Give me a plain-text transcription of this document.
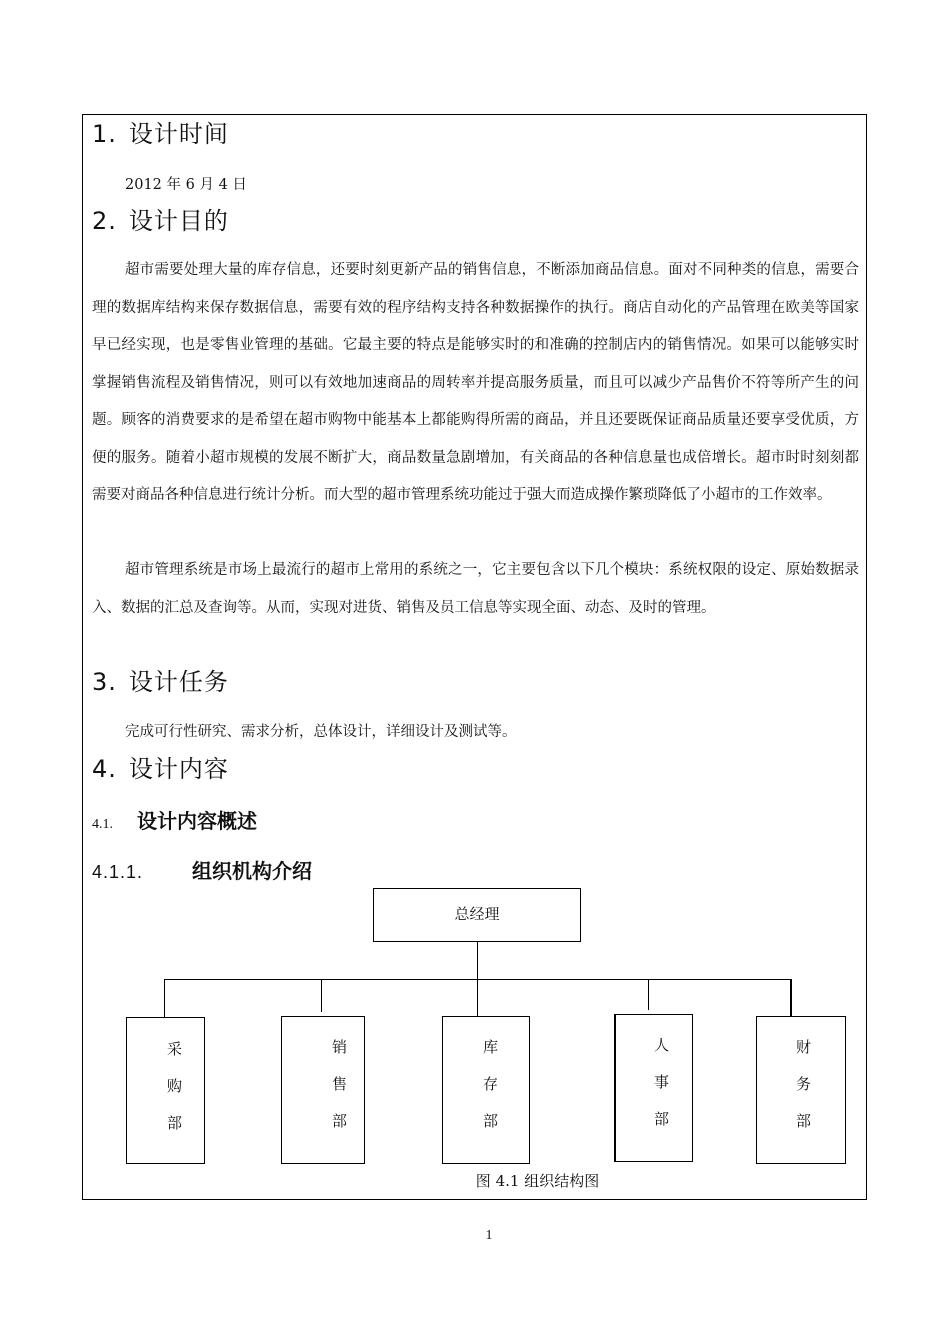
1. 设计时间
2012 年 6 月 4 日
2. 设计目的

超市需要处理大量的库存信息，还要时刻更新产品的销售信息，不断添加商品信息。面对不同种类的信息，需要合理的数据库结构来保存数据信息，需要有效的程序结构支持各种数据操作的执行。商店自动化的产品管理在欧美等国家早已经实现，也是零售业管理的基础。它最主要的特点是能够实时的和准确的控制店内的销售情况。如果可以能够实时掌握销售流程及销售情况，则可以有效地加速商品的周转率并提高服务质量，而且可以减少产品售价不符等所产生的问题。顾客的消费要求的是希望在超市购物中能基本上都能购得所需的商品，并且还要既保证商品质量还要享受优质，方便的服务。随着小超市规模的发展不断扩大，商品数量急剧增加，有关商品的各种信息量也成倍增长。超市时时刻刻都需要对商品各种信息进行统计分析。而大型的超市管理系统功能过于强大而造成操作繁琐降低了小超市的工作效率。

超市管理系统是市场上最流行的超市上常用的系统之一，它主要包含以下几个模块：系统权限的设定、原始数据录入、数据的汇总及查询等。从而，实现对进货、销售及员工信息等实现全面、动态、及时的管理。

3. 设计任务
完成可行性研究、需求分析，总体设计，详细设计及测试等。
4. 设计内容
4.1. 设计内容概述
4.1.1. 组织机构介绍
总经理
采
购
部
销
售
部
库
存
部
人
事
部
财
务
部
图 4.1 组织结构图
1
